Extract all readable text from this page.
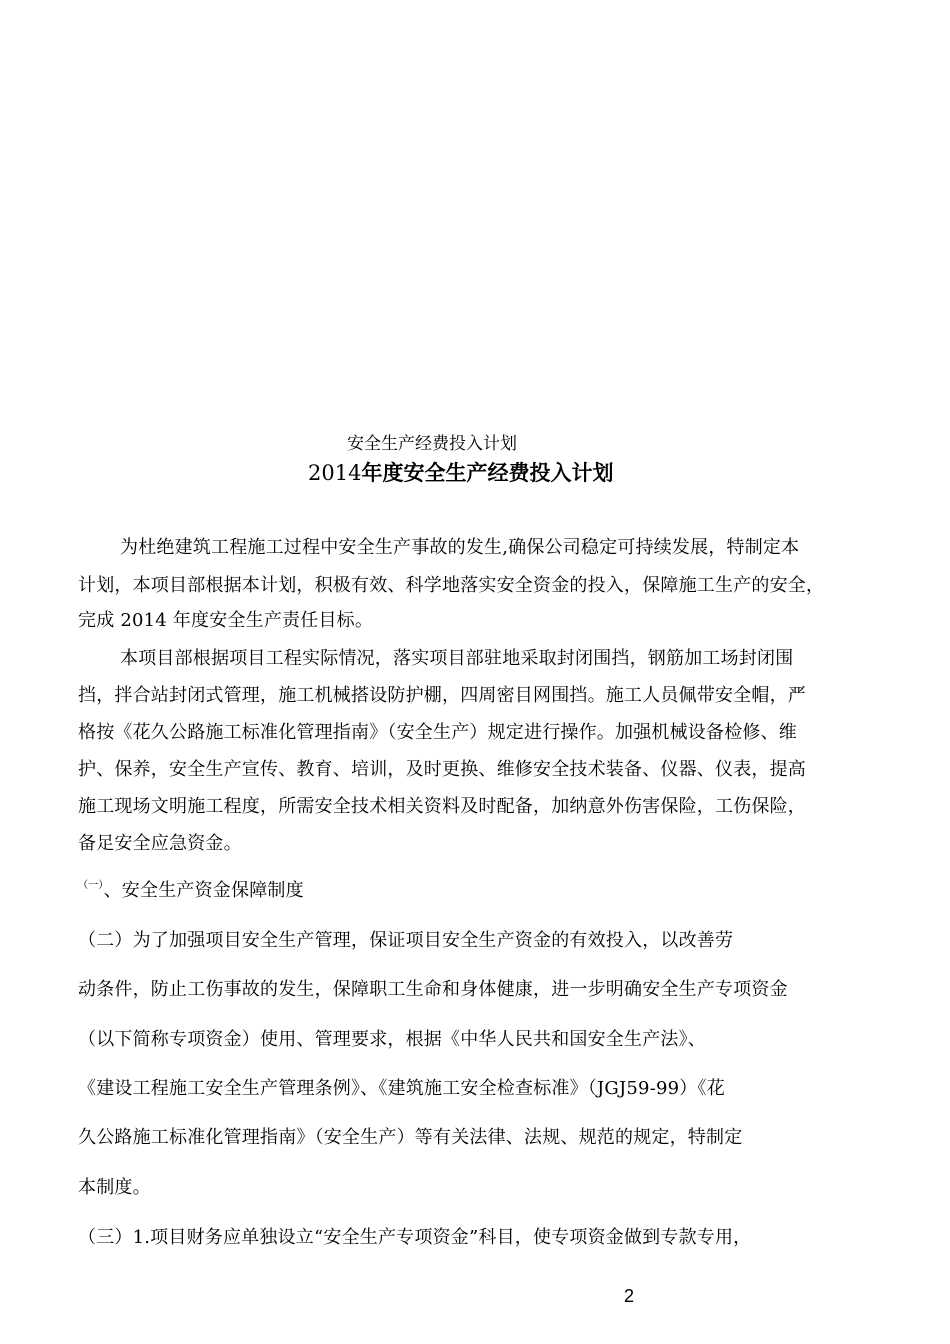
安全生产经费投入计划
2014年度安全生产经费投入计划
为杜绝建筑工程施工过程中安全生产事故的发生,确保公司稳定可持续发展，特制定本
计划，本项目部根据本计划，积极有效、科学地落实安全资金的投入，保障施工生产的安全，
完成 2014 年度安全生产责任目标。
本项目部根据项目工程实际情况，落实项目部驻地采取封闭围挡，钢筋加工场封闭围
挡，拌合站封闭式管理，施工机械搭设防护棚，四周密目网围挡。施工人员佩带安全帽，严
格按《花久公路施工标准化管理指南》（安全生产）规定进行操作。加强机械设备检修、维
护、保养，安全生产宣传、教育、培训，及时更换、维修安全技术装备、仪器、仪表，提高
施工现场文明施工程度，所需安全技术相关资料及时配备，加纳意外伤害保险，工伤保险，
备足安全应急资金。
$^{(一)}$、安全生产资金保障制度
（二）为了加强项目安全生产管理，保证项目安全生产资金的有效投入，以改善劳
动条件，防止工伤事故的发生，保障职工生命和身体健康，进一步明确安全生产专项资金
（以下简称专项资金）使用、管理要求，根据《中华人民共和国安全生产法》、
《建设工程施工安全生产管理条例》、《建筑施工安全检查标准》（JGJ59-99）《花
久公路施工标准化管理指南》（安全生产）等有关法律、法规、规范的规定，特制定
本制度。
（三）1.项目财务应单独设立“安全生产专项资金”科目，使专项资金做到专款专用，
2
